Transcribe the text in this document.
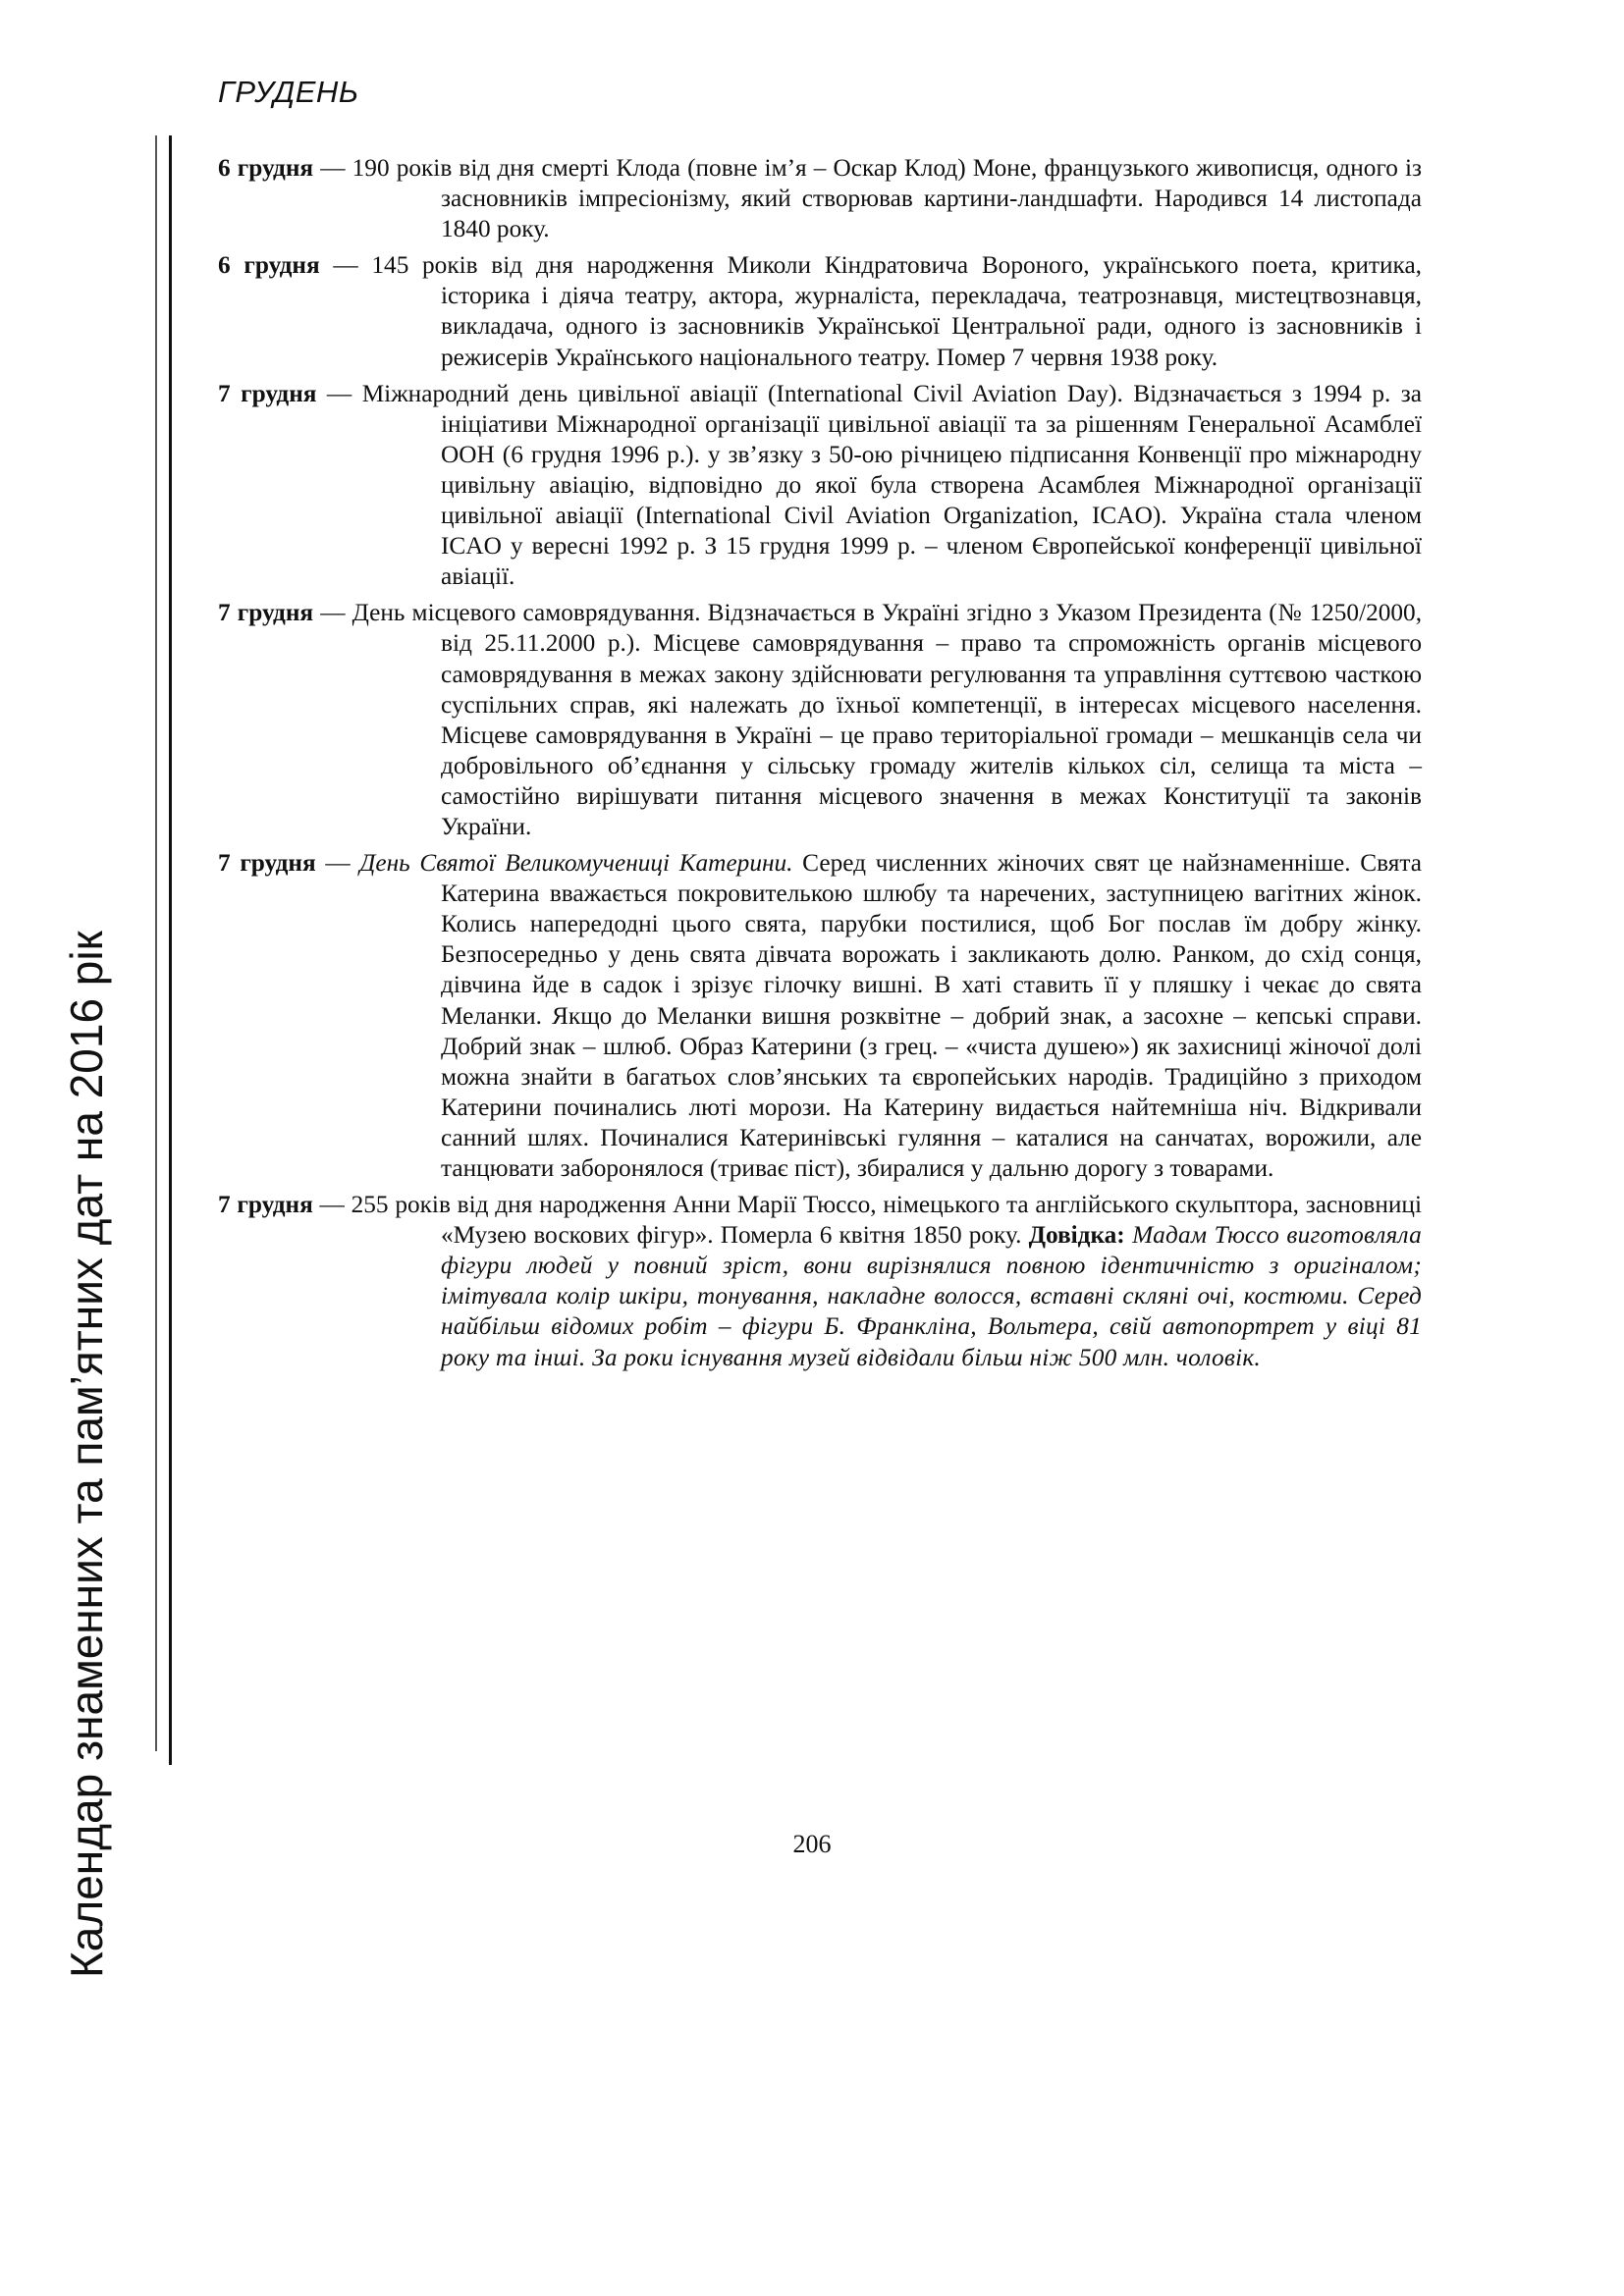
ГРУДЕНЬ
Календар знаменних та пам’ятних дат на 2016 рік

6 грудня — 190 років від дня смерті Клода (повне ім’я – Оскар Клод) Моне, французького живописця, одного із засновників імпресіонізму, який створював картини-ландшафти. Народився 14 листопада 1840 року.

6 грудня — 145 років від дня народження Миколи Кіндратовича Вороного, українського поета, критика, історика і діяча театру, актора, журналіста, перекладача, театрознавця, мистецтвознавця, викладача, одного із засновників Української Центральної ради, одного із засновників і режисерів Українського національного театру. Помер 7 червня 1938 року.

7 грудня — Міжнародний день цивільної авіації (International Civil Aviation Day). Відзначається з 1994 р. за ініціативи Міжнародної організації цивільної авіації та за рішенням Генеральної Асамблеї ООН (6 грудня 1996 р.). у зв’язку з 50-ою річницею підписання Конвенції про міжнародну цивільну авіацію, відповідно до якої була створена Асамблея Міжнародної організації цивільної авіації (International Civil Aviation Organization, ICAO). Україна стала членом ICAO у вересні 1992 р. З 15 грудня 1999 р. – членом Європейської конференції цивільної авіації.

7 грудня — День місцевого самоврядування. Відзначається в Україні згідно з Указом Президента (№ 1250/2000, від 25.11.2000 р.). Місцеве самоврядування – право та спроможність органів місцевого самоврядування в межах закону здійснювати регулювання та управління суттєвою часткою суспільних справ, які належать до їхньої компетенції, в інтересах місцевого населення. Місцеве самоврядування в Україні – це право територіальної громади – мешканців села чи добровільного об’єднання у сільську громаду жителів кількох сіл, селища та міста – самостійно вирішувати питання місцевого значення в межах Конституції та законів України.

7 грудня — День Святої Великомучениці Катерини. Серед численних жіночих свят це найзнаменніше. Свята Катерина вважається покровителькою шлюбу та наречених, заступницею вагітних жінок. Колись напередодні цього свята, парубки постилися, щоб Бог послав їм добру жінку. Безпосередньо у день свята дівчата ворожать і закликають долю. Ранком, до схід сонця, дівчина йде в садок і зрізує гілочку вишні. В хаті ставить її у пляшку і чекає до свята Меланки. Якщо до Меланки вишня розквітне – добрий знак, а засохне – кепські справи. Добрий знак – шлюб. Образ Катерини (з грец. – «чиста душею») як захисниці жіночої долі можна знайти в багатьох слов’янських та європейських народів. Традиційно з приходом Катерини починались люті морози. На Катерину видається найтемніша ніч. Відкривали санний шлях. Починалися Катеринівські гуляння – каталися на санчатах, ворожили, але танцювати заборонялося (триває піст), збиралися у дальню дорогу з товарами.

7 грудня — 255 років від дня народження Анни Марії Тюссо, німецького та англійського скульптора, засновниці «Музею воскових фігур». Померла 6 квітня 1850 року. Довідка: Мадам Тюссо виготовляла фігури людей у повний зріст, вони вирізнялися повною ідентичністю з оригіналом; імітувала колір шкіри, тонування, накладне волосся, вставні скляні очі, костюми. Серед найбільш відомих робіт – фігури Б. Франкліна, Вольтера, свій автопортрет у віці 81 року та інші. За роки існування музей відвідали більш ніж 500 млн. чоловік.

206
